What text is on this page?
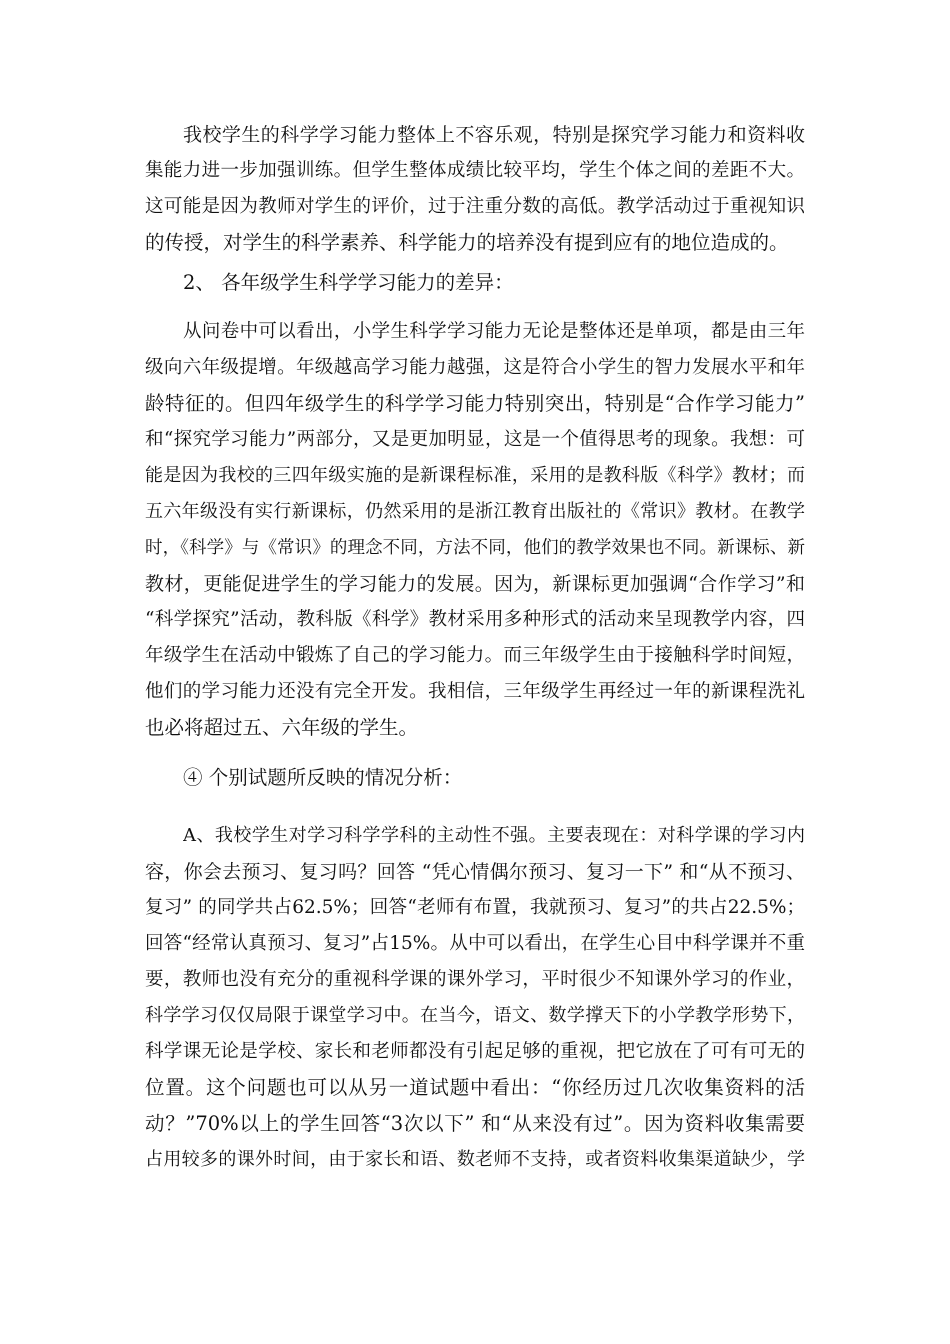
我校学生的科学学习能力整体上不容乐观，特别是探究学习能力和资料收
集能力进一步加强训练。但学生整体成绩比较平均，学生个体之间的差距不大。
这可能是因为教师对学生的评价，过于注重分数的高低。教学活动过于重视知识
的传授，对学生的科学素养、科学能力的培养没有提到应有的地位造成的。
2、 各年级学生科学学习能力的差异：
从问卷中可以看出，小学生科学学习能力无论是整体还是单项，都是由三年
级向六年级提增。年级越高学习能力越强，这是符合小学生的智力发展水平和年
龄特征的。但四年级学生的科学学习能力特别突出，特别是“合作学习能力”
和“探究学习能力”两部分，又是更加明显，这是一个值得思考的现象。我想：可
能是因为我校的三四年级实施的是新课程标准，采用的是教科版《科学》教材；而
五六年级没有实行新课标，仍然采用的是浙江教育出版社的《常识》教材。在教学
时，《科学》与《常识》的理念不同，方法不同，他们的教学效果也不同。新课标、新
教材，更能促进学生的学习能力的发展。因为，新课标更加强调“合作学习”和
“科学探究”活动，教科版《科学》教材采用多种形式的活动来呈现教学内容，四
年级学生在活动中锻炼了自己的学习能力。而三年级学生由于接触科学时间短，
他们的学习能力还没有完全开发。我相信，三年级学生再经过一年的新课程洗礼
也必将超过五、六年级的学生。
④ 个别试题所反映的情况分析：
A、我校学生对学习科学学科的主动性不强。主要表现在：对科学课的学习内
容，你会去预习、复习吗？回答 “凭心情偶尔预习、复习一下” 和“从不预习、
复习” 的同学共占62.5%；回答“老师有布置，我就预习、复习”的共占22.5%；
回答“经常认真预习、复习”占15%。从中可以看出，在学生心目中科学课并不重
要，教师也没有充分的重视科学课的课外学习，平时很少不知课外学习的作业，
科学学习仅仅局限于课堂学习中。在当今，语文、数学撑天下的小学教学形势下，
科学课无论是学校、家长和老师都没有引起足够的重视，把它放在了可有可无的
位置。这个问题也可以从另一道试题中看出：“你经历过几次收集资料的活
动？”70%以上的学生回答“3次以下” 和“从来没有过”。因为资料收集需要
占用较多的课外时间，由于家长和语、数老师不支持，或者资料收集渠道缺少，学
